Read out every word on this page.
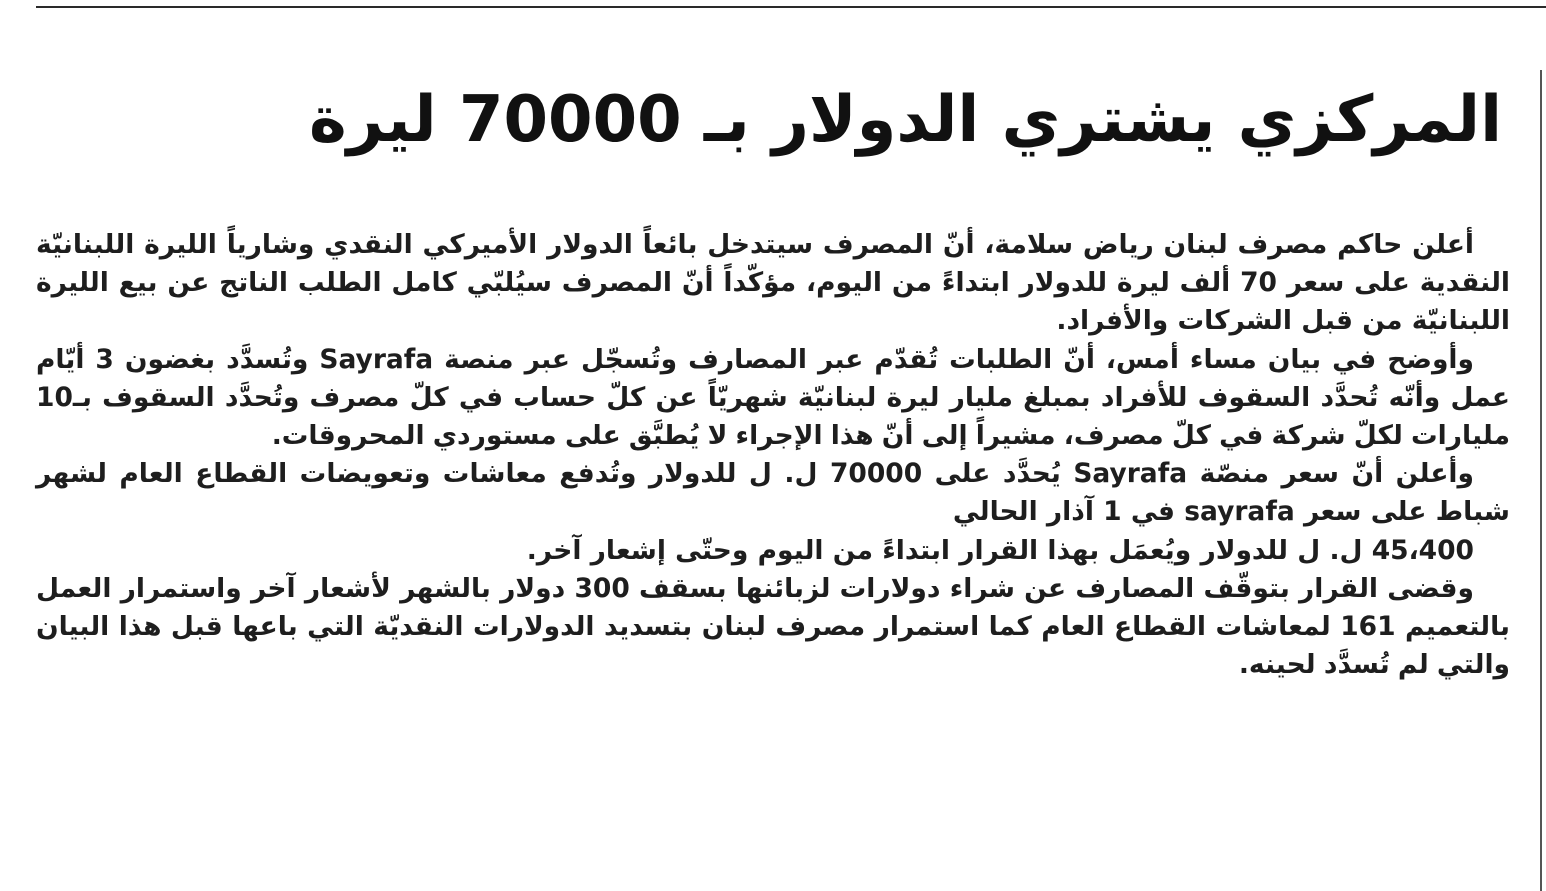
المركزي يشتري الدولار بـ 70000 ليرة

أعلن حاكم مصرف لبنان رياض سلامة، أنّ المصرف سيتدخل بائعاً الدولار الأميركي النقدي وشارياً الليرة اللبنانيّة النقدية على سعر 70 ألف ليرة للدولار ابتداءً من اليوم، مؤكّداً أنّ المصرف سيُلبّي كامل الطلب الناتج عن بيع الليرة اللبنانيّة من قبل الشركات والأفراد.

وأوضح في بيان مساء أمس، أنّ الطلبات تُقدّم عبر المصارف وتُسجّل عبر منصة Sayrafa وتُسدَّد بغضون 3 أيّام عمل وأنّه تُحدَّد السقوف للأفراد بمبلغ مليار ليرة لبنانيّة شهريّاً عن كلّ حساب في كلّ مصرف وتُحدَّد السقوف بـ10 مليارات لكلّ شركة في كلّ مصرف، مشيراً إلى أنّ هذا الإجراء لا يُطبَّق على مستوردي المحروقات.

وأعلن أنّ سعر منصّة Sayrafa يُحدَّد على 70000 ل. ل للدولار وتُدفع معاشات وتعويضات القطاع العام لشهر شباط على سعر sayrafa في 1 آذار الحالي

45،400 ل. ل للدولار ويُعمَل بهذا القرار ابتداءً من اليوم وحتّى إشعار آخر.

وقضى القرار بتوقّف المصارف عن شراء دولارات لزبائنها بسقف 300 دولار بالشهر لأشعار آخر واستمرار العمل بالتعميم 161 لمعاشات القطاع العام كما استمرار مصرف لبنان بتسديد الدولارات النقديّة التي باعها قبل هذا البيان والتي لم تُسدَّد لحينه.
